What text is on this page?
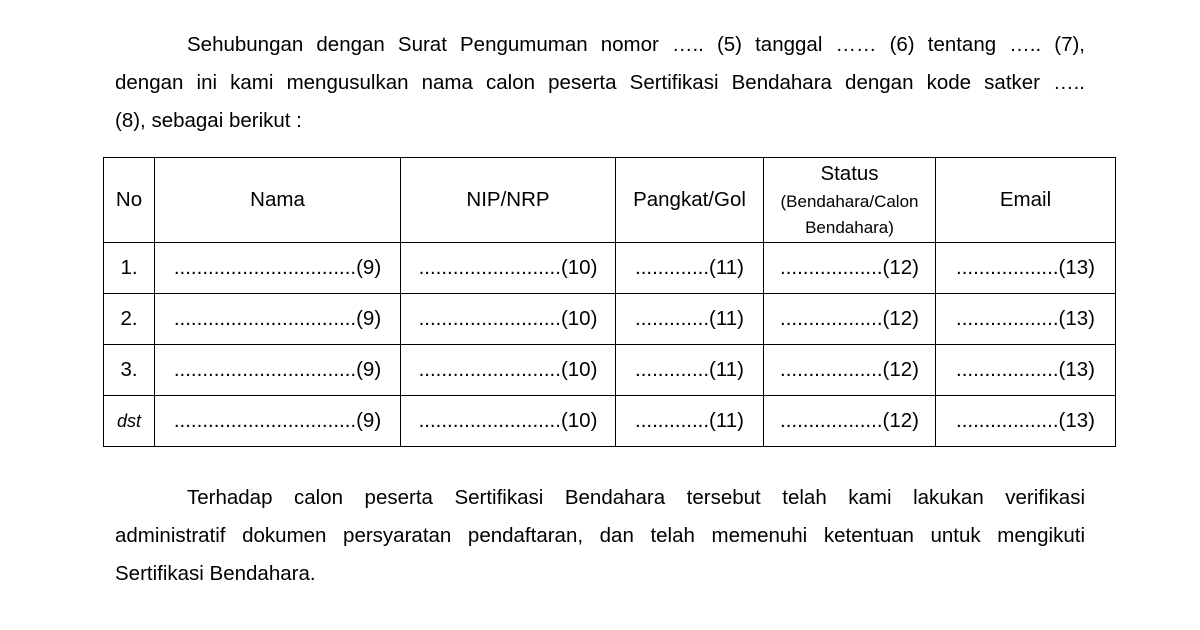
Sehubungan dengan Surat Pengumuman nomor ….. (5) tanggal …… (6) tentang ….. (7),
dengan ini kami mengusulkan nama calon peserta Sertifikasi Bendahara dengan kode satker …..
(8), sebagai berikut :
No	Nama	NIP/NRP	Pangkat/Gol	Status
(Bendahara/Calon Bendahara)	Email
1.	................................(9)	.........................(10)	.............(11)	..................(12)	..................(13)
2.	................................(9)	.........................(10)	.............(11)	..................(12)	..................(13)
3.	................................(9)	.........................(10)	.............(11)	..................(12)	..................(13)
dst	................................(9)	.........................(10)	.............(11)	..................(12)	..................(13)
Terhadap calon peserta Sertifikasi Bendahara tersebut telah kami lakukan verifikasi
administratif dokumen persyaratan pendaftaran, dan telah memenuhi ketentuan untuk mengikuti
Sertifikasi Bendahara.
